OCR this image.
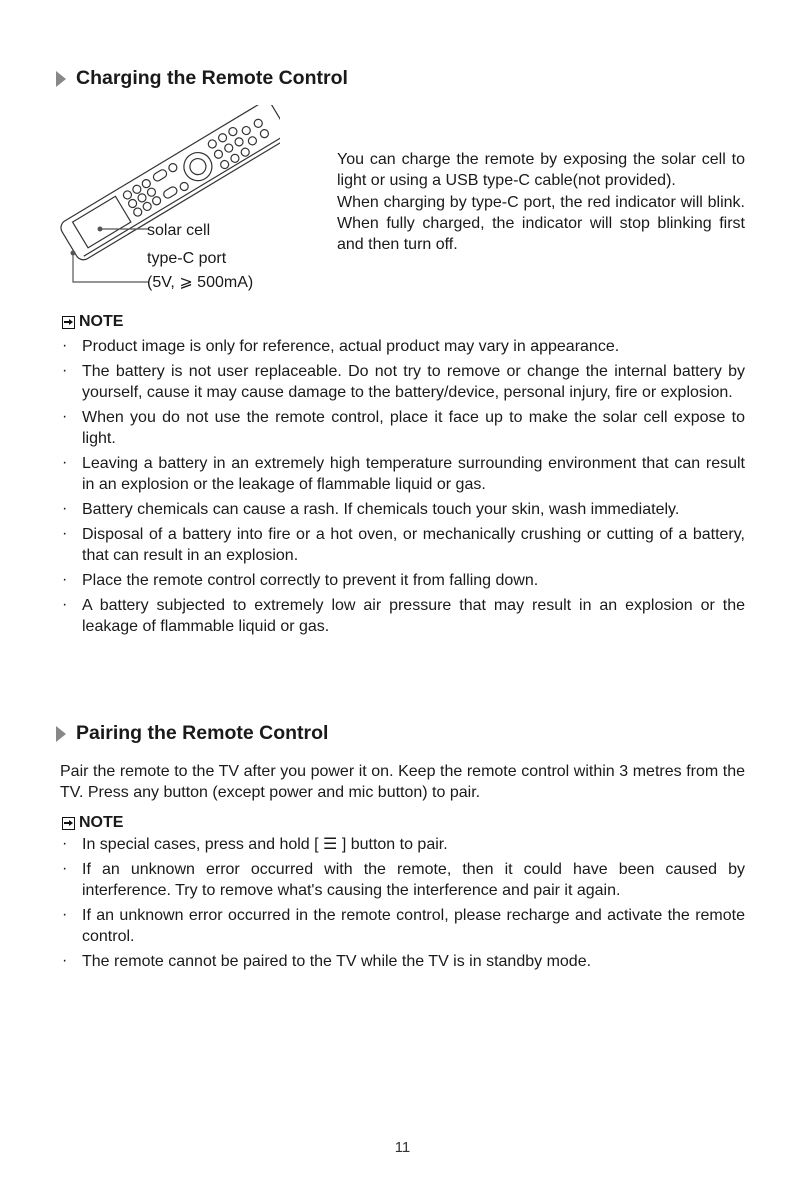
Charging the Remote Control
solar cell
type-C port
(5V, ⩾ 500mA)
You can charge the remote by exposing the solar cell to light or using a USB type-C cable(not provided).
When charging by type-C port, the red indicator will blink. When fully charged, the indicator will stop blinking first and then turn off.
NOTE
· Product image is only for reference, actual product may vary in appearance.
· The battery is not user replaceable. Do not try to remove or change the internal battery by yourself, cause it may cause damage to the battery/device, personal injury, fire or explosion.
· When you do not use the remote control, place it face up to make the solar cell expose to light.
· Leaving a battery in an extremely high temperature surrounding environment that can result in an explosion or the leakage of flammable liquid or gas.
· Battery chemicals can cause a rash. If chemicals touch your skin, wash immediately.
· Disposal of a battery into fire or a hot oven, or mechanically crushing or cutting of a battery, that can result in an explosion.
· Place the remote control correctly to prevent it from falling down.
· A battery subjected to extremely low air pressure that may result in an explosion or the leakage of flammable liquid or gas.
Pairing the Remote Control
Pair the remote to the TV after you power it on. Keep the remote control within 3 metres from the TV. Press any button (except power and mic button) to pair.
NOTE
· In special cases, press and hold [ ☰ ] button to pair.
· If an unknown error occurred with the remote, then it could have been caused by interference. Try to remove what's causing the interference and pair it again.
· If an unknown error occurred in the remote control, please recharge and activate the remote control.
· The remote cannot be paired to the TV while the TV is in standby mode.
11
